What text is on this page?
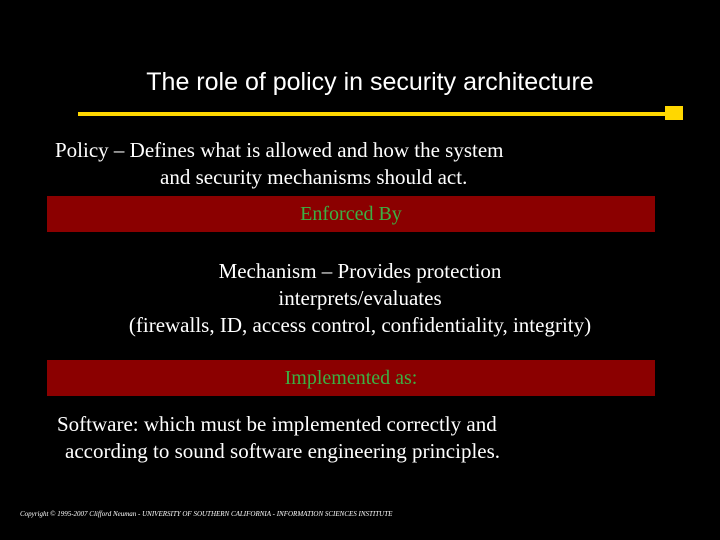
The role of policy in security architecture
Policy – Defines what is allowed and how the system
and security mechanisms should act.
Enforced By
Mechanism – Provides protection
interprets/evaluates
(firewalls, ID, access control, confidentiality, integrity)
Implemented as:
Software: which must be implemented correctly and
according to sound software engineering principles.
Copyright © 1995-2007 Clifford Neuman - UNIVERSITY OF SOUTHERN CALIFORNIA - INFORMATION SCIENCES INSTITUTE
